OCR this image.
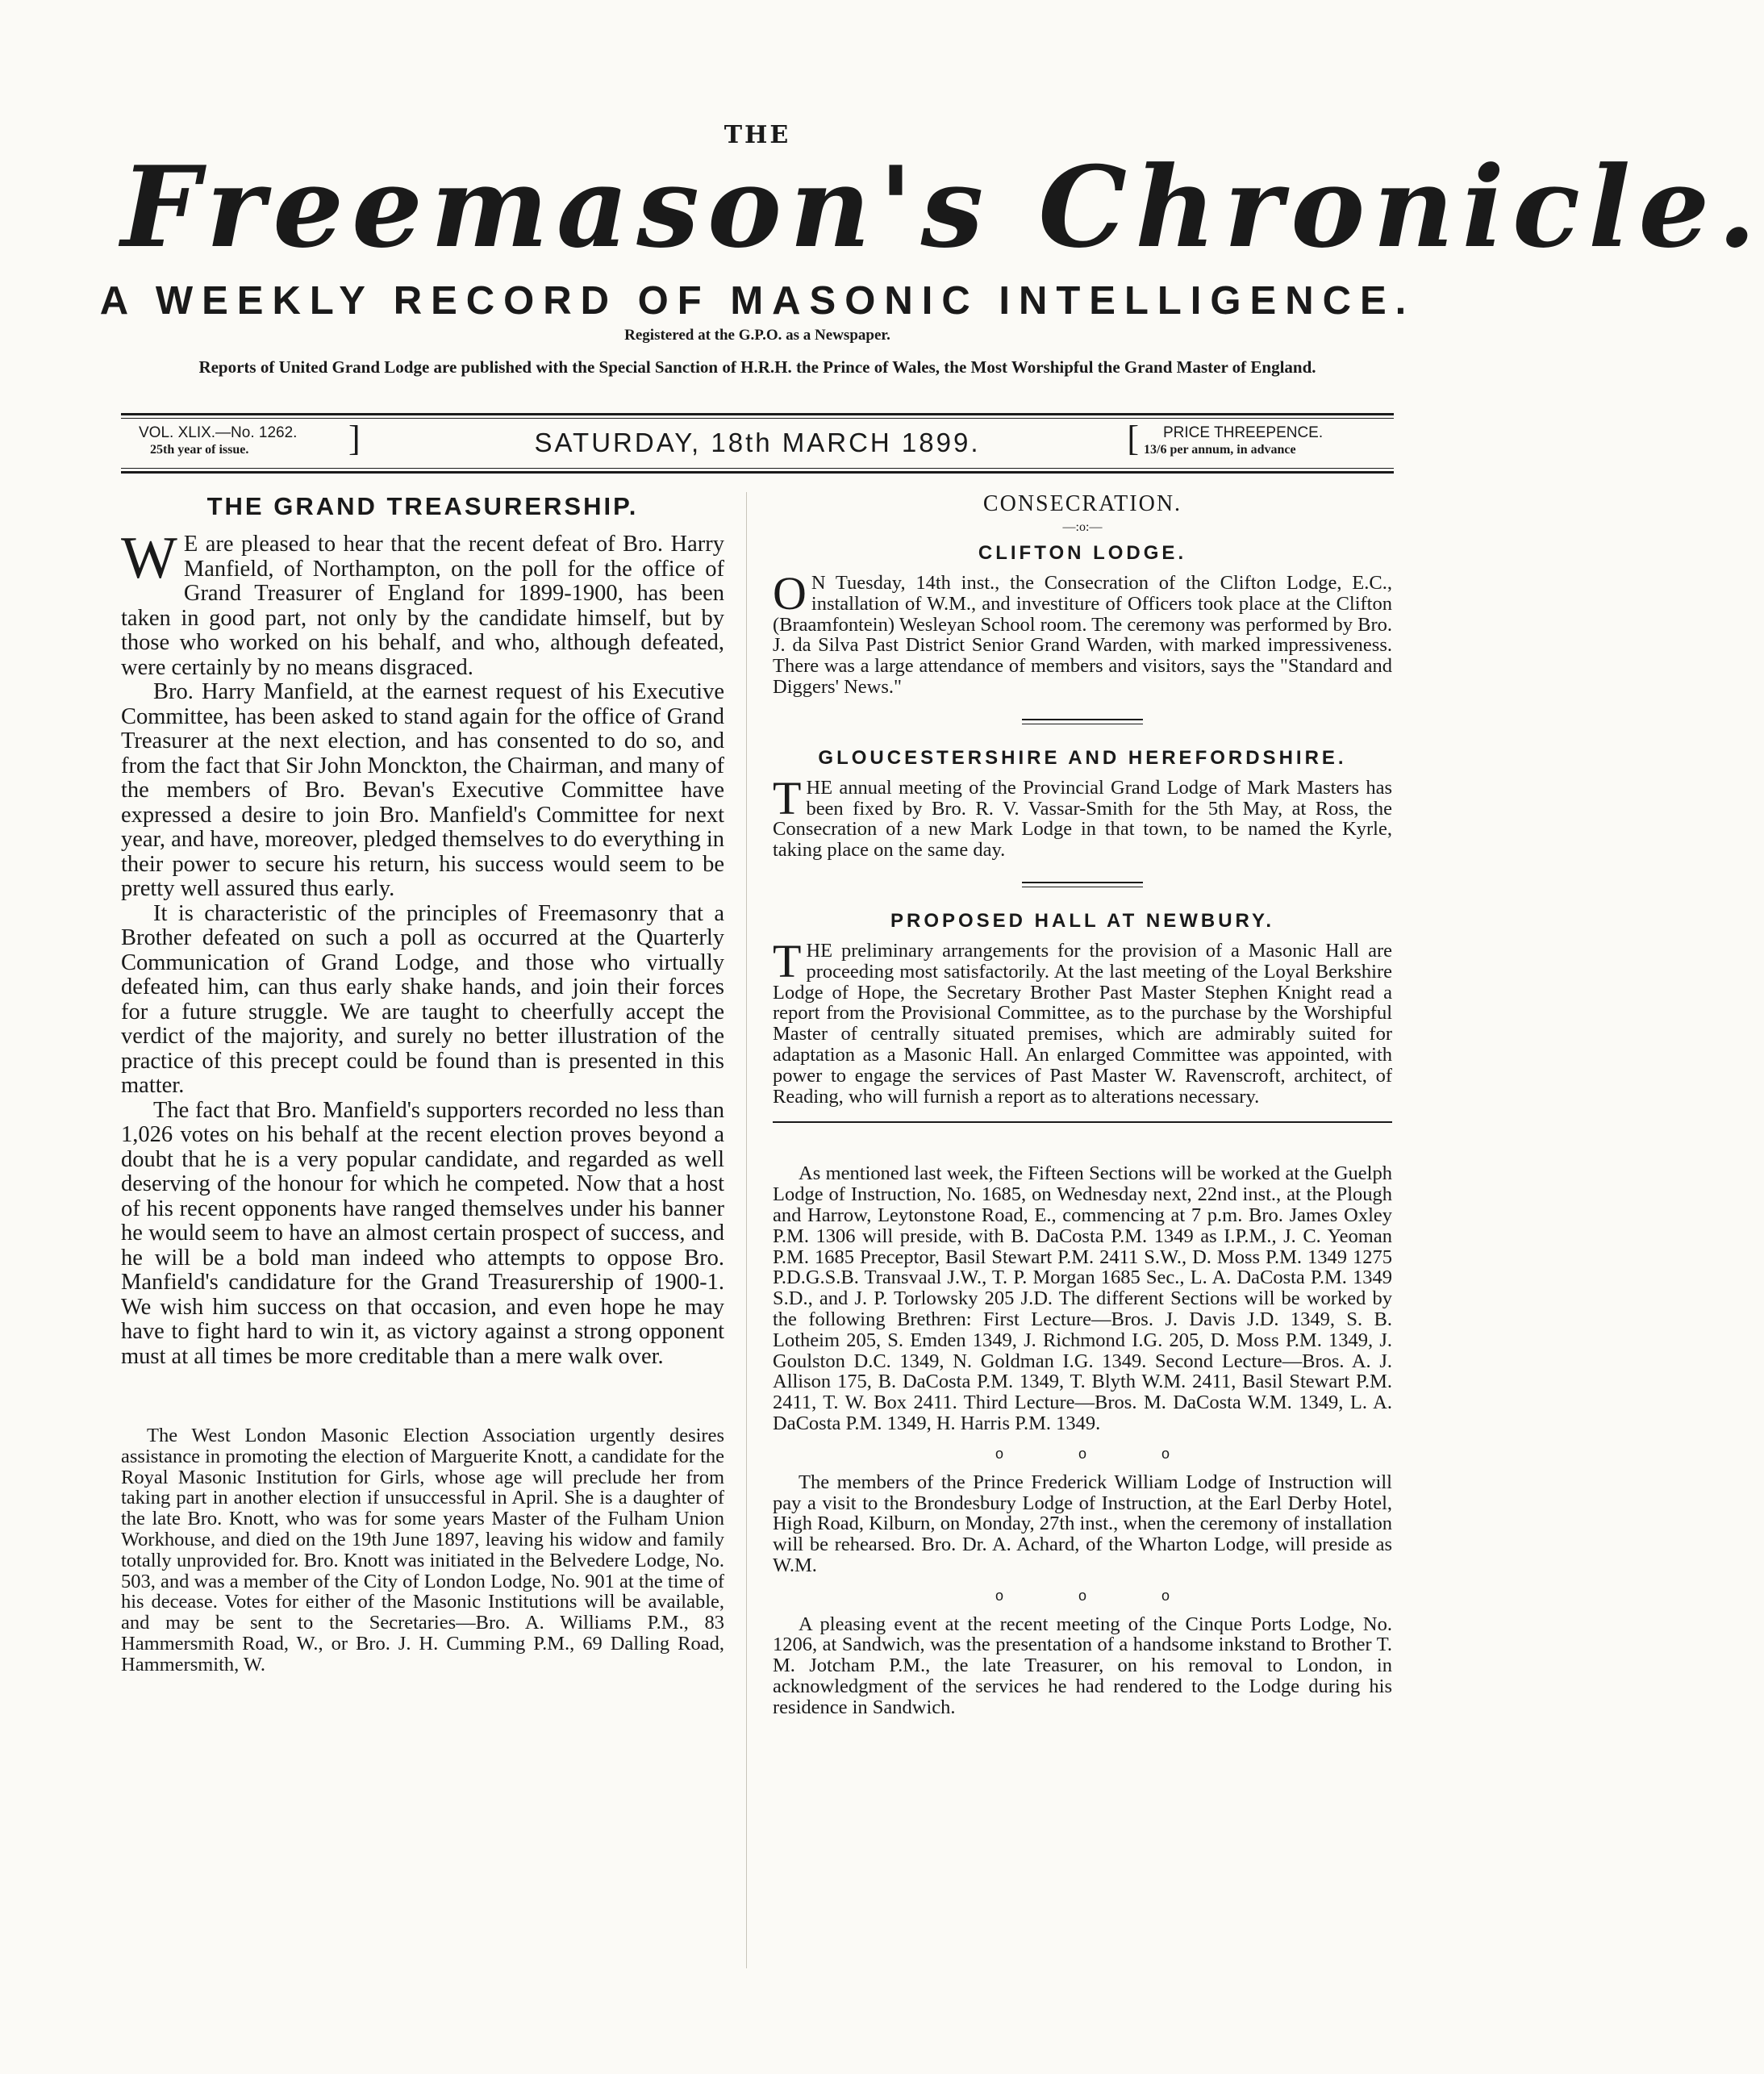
THE
Freemason's Chronicle.
A WEEKLY RECORD OF MASONIC INTELLIGENCE.
Registered at the G.P.O. as a Newspaper.
Reports of United Grand Lodge are published with the Special Sanction of H.R.H. the Prince of Wales, the Most Worshipful the Grand Master of England.
VOL. XLIX.—No. 1262.
25th year of issue.	]	SATURDAY, 18th MARCH 1899.	[	PRICE THREEPENCE.
13/6 per annum, in advance
THE GRAND TREASURERSHIP.

W E are pleased to hear that the recent defeat of Bro. Harry Manfield, of Northampton, on the poll for the office of Grand Treasurer of England for 1899-1900, has been taken in good part, not only by the candidate himself, but by those who worked on his behalf, and who, although defeated, were certainly by no means disgraced.

Bro. Harry Manfield, at the earnest request of his Executive Committee, has been asked to stand again for the office of Grand Treasurer at the next election, and has consented to do so, and from the fact that Sir John Monckton, the Chairman, and many of the members of Bro. Bevan's Executive Committee have expressed a desire to join Bro. Manfield's Committee for next year, and have, moreover, pledged themselves to do everything in their power to secure his return, his success would seem to be pretty well assured thus early.

It is characteristic of the principles of Freemasonry that a Brother defeated on such a poll as occurred at the Quarterly Communication of Grand Lodge, and those who virtually defeated him, can thus early shake hands, and join their forces for a future struggle. We are taught to cheerfully accept the verdict of the majority, and surely no better illustration of the practice of this precept could be found than is presented in this matter.

The fact that Bro. Manfield's supporters recorded no less than 1,026 votes on his behalf at the recent election proves beyond a doubt that he is a very popular candidate, and regarded as well deserving of the honour for which he competed. Now that a host of his recent opponents have ranged themselves under his banner he would seem to have an almost certain prospect of success, and he will be a bold man indeed who attempts to oppose Bro. Manfield's candidature for the Grand Treasurership of 1900-1. We wish him success on that occasion, and even hope he may have to fight hard to win it, as victory against a strong opponent must at all times be more creditable than a mere walk over.

The West London Masonic Election Association urgently desires assistance in promoting the election of Marguerite Knott, a candidate for the Royal Masonic Institution for Girls, whose age will preclude her from taking part in another election if unsuccessful in April. She is a daughter of the late Bro. Knott, who was for some years Master of the Fulham Union Workhouse, and died on the 19th June 1897, leaving his widow and family totally unprovided for. Bro. Knott was initiated in the Belvedere Lodge, No. 503, and was a member of the City of London Lodge, No. 901 at the time of his decease. Votes for either of the Masonic Institutions will be available, and may be sent to the Secretaries—Bro. A. Williams P.M., 83 Hammersmith Road, W., or Bro. J. H. Cumming P.M., 69 Dalling Road, Hammersmith, W.

CONSECRATION.
—:o:—
CLIFTON LODGE.

O N Tuesday, 14th inst., the Consecration of the Clifton Lodge, E.C., installation of W.M., and investiture of Officers took place at the Clifton (Braamfontein) Wesleyan School room. The ceremony was performed by Bro. J. da Silva Past District Senior Grand Warden, with marked impressiveness. There was a large attendance of members and visitors, says the "Standard and Diggers' News."

GLOUCESTERSHIRE AND HEREFORDSHIRE.

THE annual meeting of the Provincial Grand Lodge of Mark Masters has been fixed by Bro. R. V. Vassar-Smith for the 5th May, at Ross, the Consecration of a new Mark Lodge in that town, to be named the Kyrle, taking place on the same day.

PROPOSED HALL AT NEWBURY.

THE preliminary arrangements for the provision of a Masonic Hall are proceeding most satisfactorily. At the last meeting of the Loyal Berkshire Lodge of Hope, the Secretary Brother Past Master Stephen Knight read a report from the Provisional Committee, as to the purchase by the Worshipful Master of centrally situated premises, which are admirably suited for adaptation as a Masonic Hall. An enlarged Committee was appointed, with power to engage the services of Past Master W. Ravenscroft, architect, of Reading, who will furnish a report as to alterations necessary.

As mentioned last week, the Fifteen Sections will be worked at the Guelph Lodge of Instruction, No. 1685, on Wednesday next, 22nd inst., at the Plough and Harrow, Leytonstone Road, E., commencing at 7 p.m. Bro. James Oxley P.M. 1306 will preside, with B. DaCosta P.M. 1349 as I.P.M., J. C. Yeoman P.M. 1685 Preceptor, Basil Stewart P.M. 2411 S.W., D. Moss P.M. 1349 1275 P.D.G.S.B. Transvaal J.W., T. P. Morgan 1685 Sec., L. A. DaCosta P.M. 1349 S.D., and J. P. Torlowsky 205 J.D. The different Sections will be worked by the following Brethren: First Lecture—Bros. J. Davis J.D. 1349, S. B. Lotheim 205, S. Emden 1349, J. Richmond I.G. 205, D. Moss P.M. 1349, J. Goulston D.C. 1349, N. Goldman I.G. 1349. Second Lecture—Bros. A. J. Allison 175, B. DaCosta P.M. 1349, T. Blyth W.M. 2411, Basil Stewart P.M. 2411, T. W. Box 2411. Third Lecture—Bros. M. DaCosta W.M. 1349, L. A. DaCosta P.M. 1349, H. Harris P.M. 1349.

o o o

The members of the Prince Frederick William Lodge of Instruction will pay a visit to the Brondesbury Lodge of Instruction, at the Earl Derby Hotel, High Road, Kilburn, on Monday, 27th inst., when the ceremony of installation will be rehearsed. Bro. Dr. A. Achard, of the Wharton Lodge, will preside as W.M.

o o o

A pleasing event at the recent meeting of the Cinque Ports Lodge, No. 1206, at Sandwich, was the presentation of a handsome inkstand to Brother T. M. Jotcham P.M., the late Treasurer, on his removal to London, in acknowledgment of the services he had rendered to the Lodge during his residence in Sandwich.
